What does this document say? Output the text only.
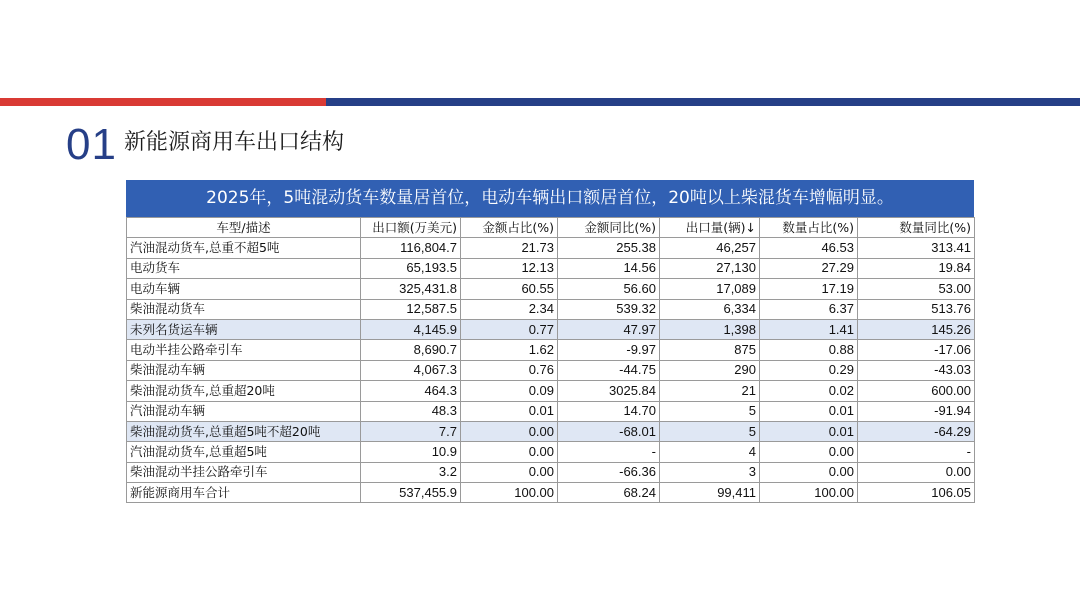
01 新能源商用车出口结构
2025年，5吨混动货车数量居首位，电动车辆出口额居首位，20吨以上柴混货车增幅明显。
车型/描述	出口额(万美元)	金额占比(%)	金额同比(%)	出口量(辆)↓	数量占比(%)	数量同比(%)
汽油混动货车,总重不超5吨	116,804.7	21.73	255.38	46,257	46.53	313.41
电动货车	65,193.5	12.13	14.56	27,130	27.29	19.84
电动车辆	325,431.8	60.55	56.60	17,089	17.19	53.00
柴油混动货车	12,587.5	2.34	539.32	6,334	6.37	513.76
未列名货运车辆	4,145.9	0.77	47.97	1,398	1.41	145.26
电动半挂公路牵引车	8,690.7	1.62	-9.97	875	0.88	-17.06
柴油混动车辆	4,067.3	0.76	-44.75	290	0.29	-43.03
柴油混动货车,总重超20吨	464.3	0.09	3025.84	21	0.02	600.00
汽油混动车辆	48.3	0.01	14.70	5	0.01	-91.94
柴油混动货车,总重超5吨不超20吨	7.7	0.00	-68.01	5	0.01	-64.29
汽油混动货车,总重超5吨	10.9	0.00	-	4	0.00	-
柴油混动半挂公路牵引车	3.2	0.00	-66.36	3	0.00	0.00
新能源商用车合计	537,455.9	100.00	68.24	99,411	100.00	106.05
